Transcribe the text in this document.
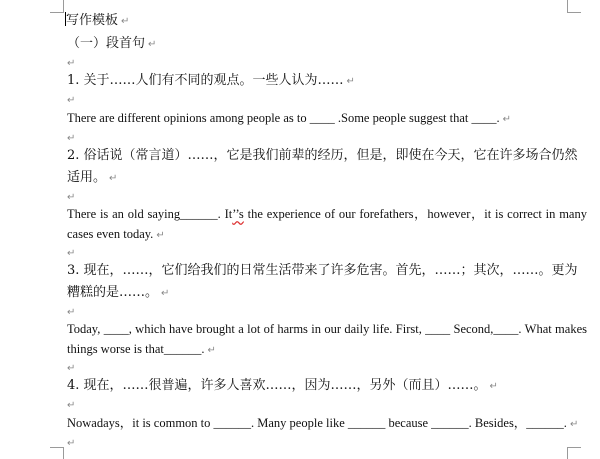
写作模板 ↵
（一）段首句 ↵
↵
1. 关于……人们有不同的观点。一些人认为…… ↵
↵
There are different opinions among people as to ____ .Some people suggest that ____. ↵
↵
2. 俗话说（常言道）……，它是我们前辈的经历，但是，即使在今天，它在许多场合仍然适用。 ↵
↵
There is an old saying______. It’’s the experience of our forefathers，however，it is correct in many cases even today. ↵
↵
3. 现在，……，它们给我们的日常生活带来了许多危害。首先，……；其次，……。更为糟糕的是……。 ↵
↵
Today, ____, which have brought a lot of harms in our daily life. First, ____ Second,____. What makes things worse is that______. ↵
↵
4. 现在，……很普遍，许多人喜欢……，因为……，另外（而且）……。 ↵
↵
Nowadays，it is common to ______. Many people like ______ because ______. Besides，______. ↵
↵
